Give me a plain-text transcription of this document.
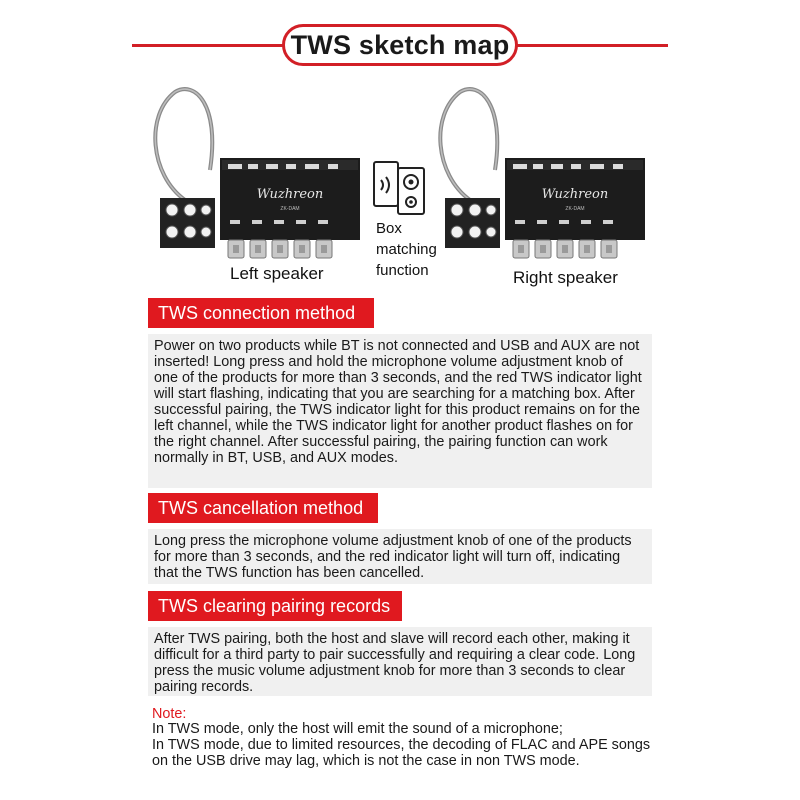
TWS sketch map
Wuzhreon
ZK-DAM
Wuzhreon
ZK-DAM
Box
matching
function
Left speaker	Right speaker
TWS connection method
Power on two products while BT is not connected and USB and AUX are not inserted! Long press and hold the microphone volume adjustment knob of one of the products for more than 3 seconds, and the red TWS indicator light will start flashing, indicating that you are searching for a matching box. After successful pairing, the TWS indicator light for this product remains on for the left channel, while the TWS indicator light for another product flashes on for the right channel. After successful pairing, the pairing function can work normally in BT, USB, and AUX modes.
TWS cancellation method
Long press the microphone volume adjustment knob of one of the products for more than 3 seconds, and the red indicator light will turn off, indicating that the TWS function has been cancelled.
TWS clearing pairing records
After TWS pairing, both the host and slave will record each other, making it difficult for a third party to pair successfully and requiring a clear code. Long press the music volume adjustment knob for more than 3 seconds to clear pairing records.
Note:
In TWS mode, only the host will emit the sound of a microphone;
In TWS mode, due to limited resources, the decoding of FLAC and APE songs on the USB drive may lag, which is not the case in non TWS mode.
